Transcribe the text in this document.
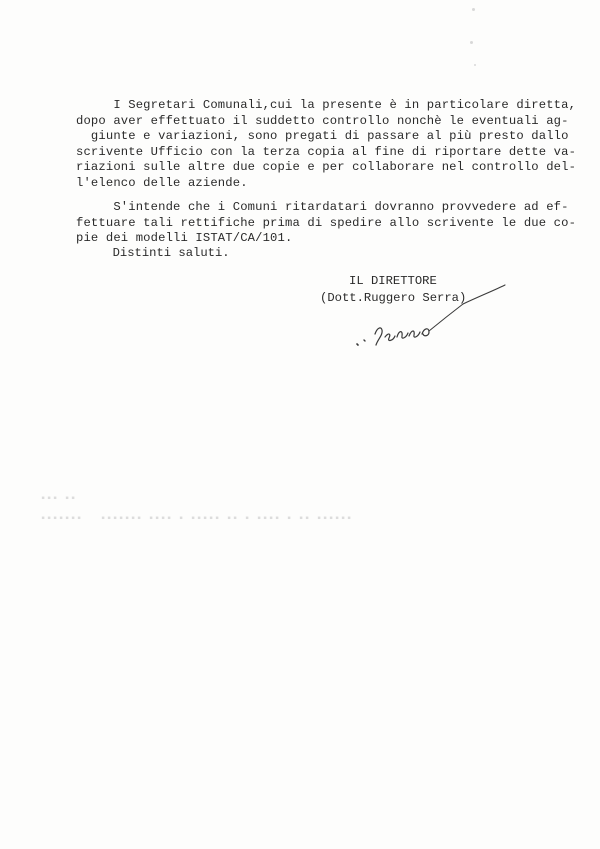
I Segretari Comunali,cui la presente è in particolare diretta,
dopo aver effettuato il suddetto controllo nonchè le eventuali ag-
giunte e variazioni, sono pregati di passare al più presto dallo
scrivente Ufficio con la terza copia al fine di riportare dette va-
riazioni sulle altre due copie e per collaborare nel controllo del-
l'elenco delle aziende.

S'intende che i Comuni ritardatari dovranno provvedere ad ef-
fettuare tali rettifiche prima di spedire allo scrivente le due co-
pie dei modelli ISTAT/CA/101.

Distinti saluti.
IL DIRETTORE
(Dott.Ruggero Serra)
▪▪▪ ▪▪
▪▪▪▪▪▪▪   ▪▪▪▪▪▪▪ ▪▪▪▪ ▪ ▪▪▪▪▪ ▪▪ ▪ ▪▪▪▪ ▪ ▪▪ ▪▪▪▪▪▪
